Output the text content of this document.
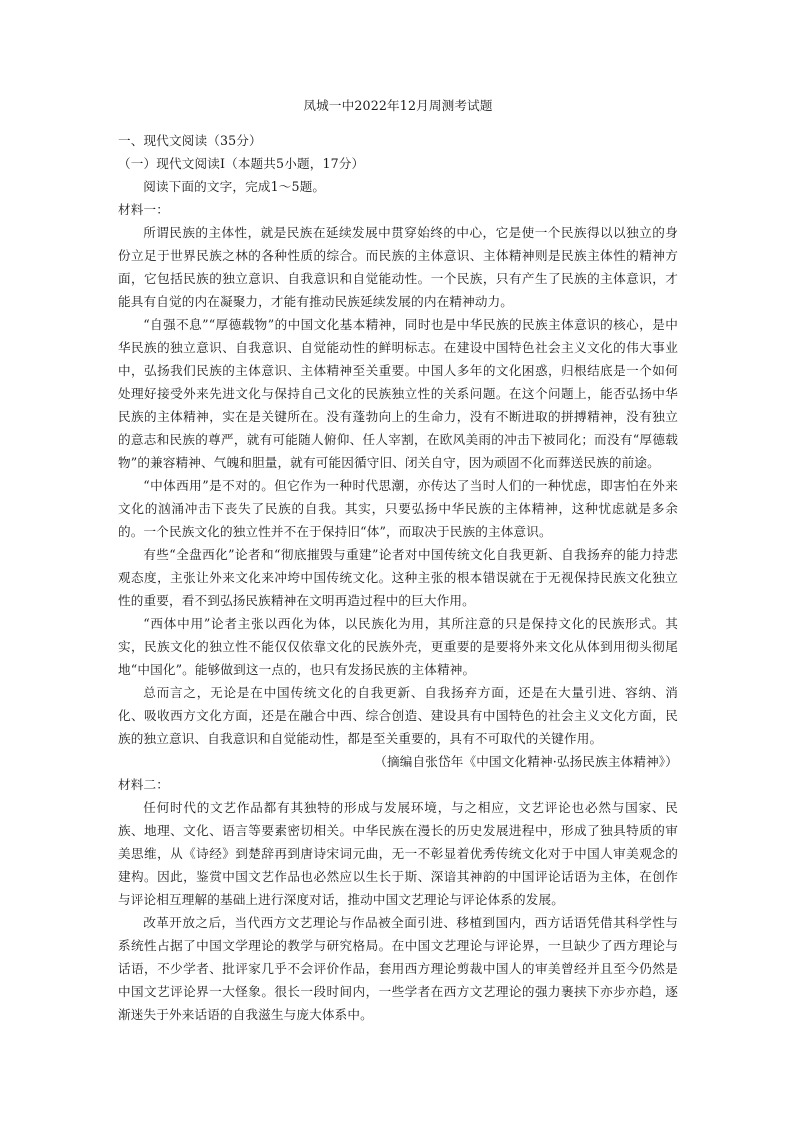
凤城一中2022年12月周测考试题

一、现代文阅读（35分）

（一）现代文阅读Ⅰ（本题共5小题，17分）

阅读下面的文字，完成1～5题。

材料一：

所谓民族的主体性，就是民族在延续发展中贯穿始终的中心，它是使一个民族得以以独立的身份立足于世界民族之林的各种性质的综合。而民族的主体意识、主体精神则是民族主体性的精神方面，它包括民族的独立意识、自我意识和自觉能动性。一个民族，只有产生了民族的主体意识，才能具有自觉的内在凝聚力，才能有推动民族延续发展的内在精神动力。

“自强不息”“厚德载物”的中国文化基本精神，同时也是中华民族的民族主体意识的核心，是中华民族的独立意识、自我意识、自觉能动性的鲜明标志。在建设中国特色社会主义文化的伟大事业中，弘扬我们民族的主体意识、主体精神至关重要。中国人多年的文化困惑，归根结底是一个如何处理好接受外来先进文化与保持自己文化的民族独立性的关系问题。在这个问题上，能否弘扬中华民族的主体精神，实在是关键所在。没有蓬勃向上的生命力，没有不断进取的拼搏精神，没有独立的意志和民族的尊严，就有可能随人俯仰、任人宰割，在欧风美雨的冲击下被同化；而没有“厚德载物”的兼容精神、气魄和胆量，就有可能因循守旧、闭关自守，因为顽固不化而葬送民族的前途。

“中体西用”是不对的。但它作为一种时代思潮，亦传达了当时人们的一种忧虑，即害怕在外来文化的汹涌冲击下丧失了民族的自我。其实，只要弘扬中华民族的主体精神，这种忧虑就是多余的。一个民族文化的独立性并不在于保持旧“体”，而取决于民族的主体意识。

有些“全盘西化”论者和“彻底摧毁与重建”论者对中国传统文化自我更新、自我扬弃的能力持悲观态度，主张让外来文化来冲垮中国传统文化。这种主张的根本错误就在于无视保持民族文化独立性的重要，看不到弘扬民族精神在文明再造过程中的巨大作用。

“西体中用”论者主张以西化为体，以民族化为用，其所注意的只是保持文化的民族形式。其实，民族文化的独立性不能仅仅依靠文化的民族外壳，更重要的是要将外来文化从体到用彻头彻尾地“中国化”。能够做到这一点的，也只有发扬民族的主体精神。

总而言之，无论是在中国传统文化的自我更新、自我扬弃方面，还是在大量引进、容纳、消化、吸收西方文化方面，还是在融合中西、综合创造、建设具有中国特色的社会主义文化方面，民族的独立意识、自我意识和自觉能动性，都是至关重要的，具有不可取代的关键作用。

（摘编自张岱年《中国文化精神·弘扬民族主体精神》）

材料二：

任何时代的文艺作品都有其独特的形成与发展环境，与之相应，文艺评论也必然与国家、民族、地理、文化、语言等要素密切相关。中华民族在漫长的历史发展进程中，形成了独具特质的审美思维，从《诗经》到楚辞再到唐诗宋词元曲，无一不彰显着优秀传统文化对于中国人审美观念的建构。因此，鉴赏中国文艺作品也必然应以生长于斯、深谙其神韵的中国评论话语为主体，在创作与评论相互理解的基础上进行深度对话，推动中国文艺理论与评论体系的发展。

改革开放之后，当代西方文艺理论与作品被全面引进、移植到国内，西方话语凭借其科学性与系统性占据了中国文学理论的教学与研究格局。在中国文艺理论与评论界，一旦缺少了西方理论与话语，不少学者、批评家几乎不会评价作品，套用西方理论剪裁中国人的审美曾经并且至今仍然是中国文艺评论界一大怪象。很长一段时间内，一些学者在西方文艺理论的强力裹挟下亦步亦趋，逐渐迷失于外来话语的自我滋生与庞大体系中。
